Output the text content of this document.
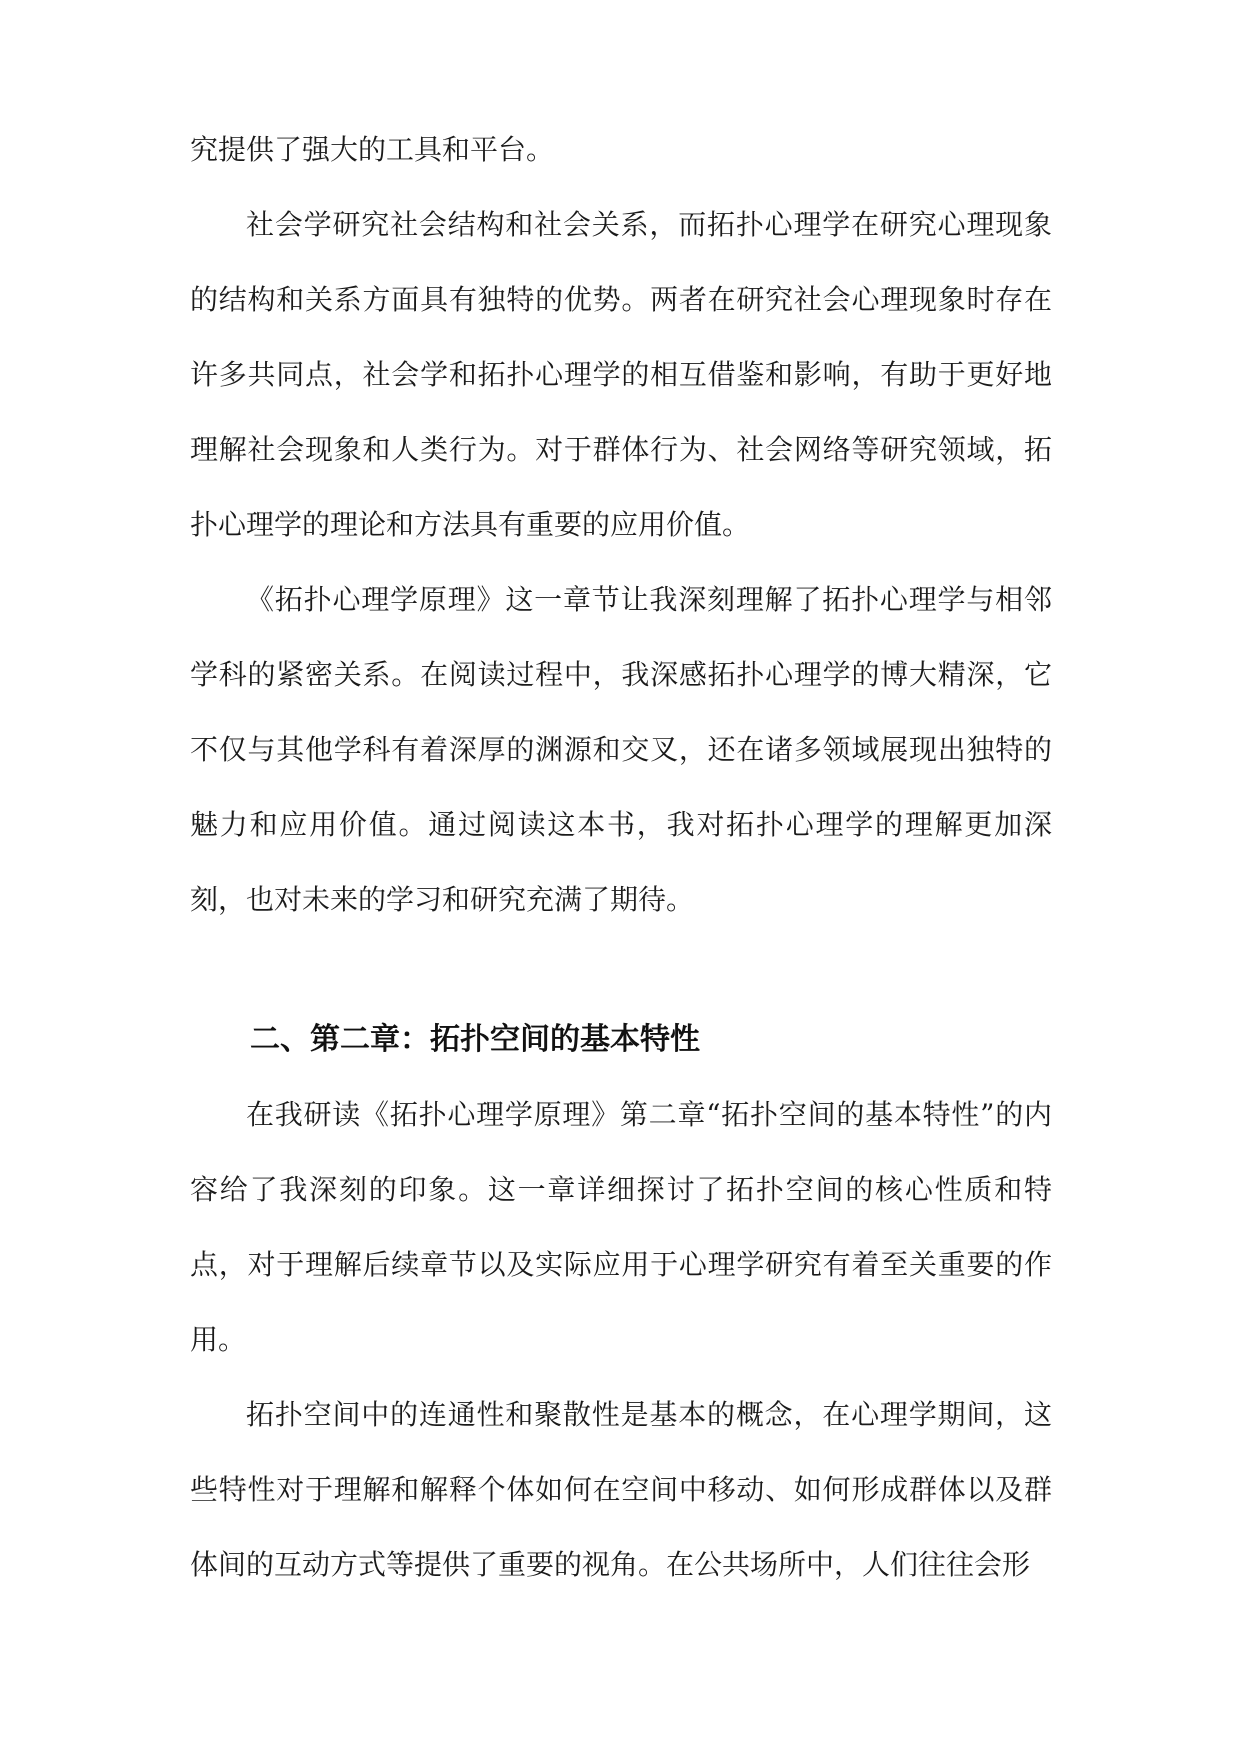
究提供了强大的工具和平台。

社会学研究社会结构和社会关系，而拓扑心理学在研究心理现象的结构和关系方面具有独特的优势。两者在研究社会心理现象时存在许多共同点，社会学和拓扑心理学的相互借鉴和影响，有助于更好地理解社会现象和人类行为。对于群体行为、社会网络等研究领域，拓扑心理学的理论和方法具有重要的应用价值。

《拓扑心理学原理》这一章节让我深刻理解了拓扑心理学与相邻学科的紧密关系。在阅读过程中，我深感拓扑心理学的博大精深，它不仅与其他学科有着深厚的渊源和交叉，还在诸多领域展现出独特的魅力和应用价值。通过阅读这本书，我对拓扑心理学的理解更加深刻，也对未来的学习和研究充满了期待。

二、第二章：拓扑空间的基本特性

在我研读《拓扑心理学原理》第二章“拓扑空间的基本特性”的内容给了我深刻的印象。这一章详细探讨了拓扑空间的核心性质和特点，对于理解后续章节以及实际应用于心理学研究有着至关重要的作用。

拓扑空间中的连通性和聚散性是基本的概念，在心理学期间，这些特性对于理解和解释个体如何在空间中移动、如何形成群体以及群体间的互动方式等提供了重要的视角。在公共场所中，人们往往会形
